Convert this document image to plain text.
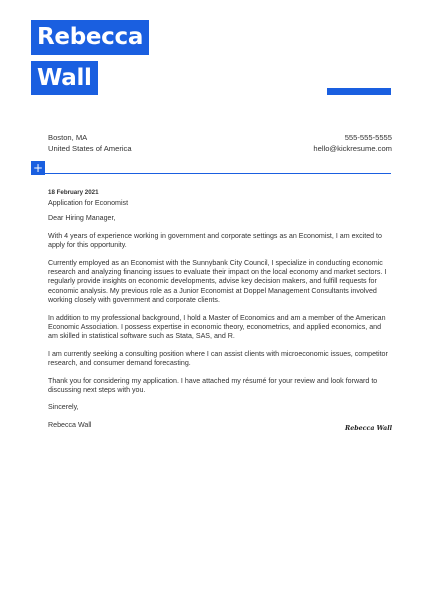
Rebecca
Wall
Boston, MA
United States of America
555-555-5555
hello@kickresume.com
+

18 February 2021

Application for Economist

Dear Hiring Manager,

With 4 years of experience working in government and corporate settings as an Economist, I am excited to apply for this opportunity.

Currently employed as an Economist with the Sunnybank City Council, I specialize in conducting economic research and analyzing financing issues to evaluate their impact on the local economy and market sectors. I regularly provide insights on economic developments, advise key decision makers, and fulfill requests for economic analysis. My previous role as a Junior Economist at Doppel Management Consultants involved working closely with government and corporate clients.

In addition to my professional background, I hold a Master of Economics and am a member of the American Economic Association. I possess expertise in economic theory, econometrics, and applied economics, and am skilled in statistical software such as Stata, SAS, and R.

I am currently seeking a consulting position where I can assist clients with microeconomic issues, competitor research, and consumer demand forecasting.

Thank you for considering my application. I have attached my résumé for your review and look forward to discussing next steps with you.

Sincerely,

Rebecca Wall	Rebecca Wall
